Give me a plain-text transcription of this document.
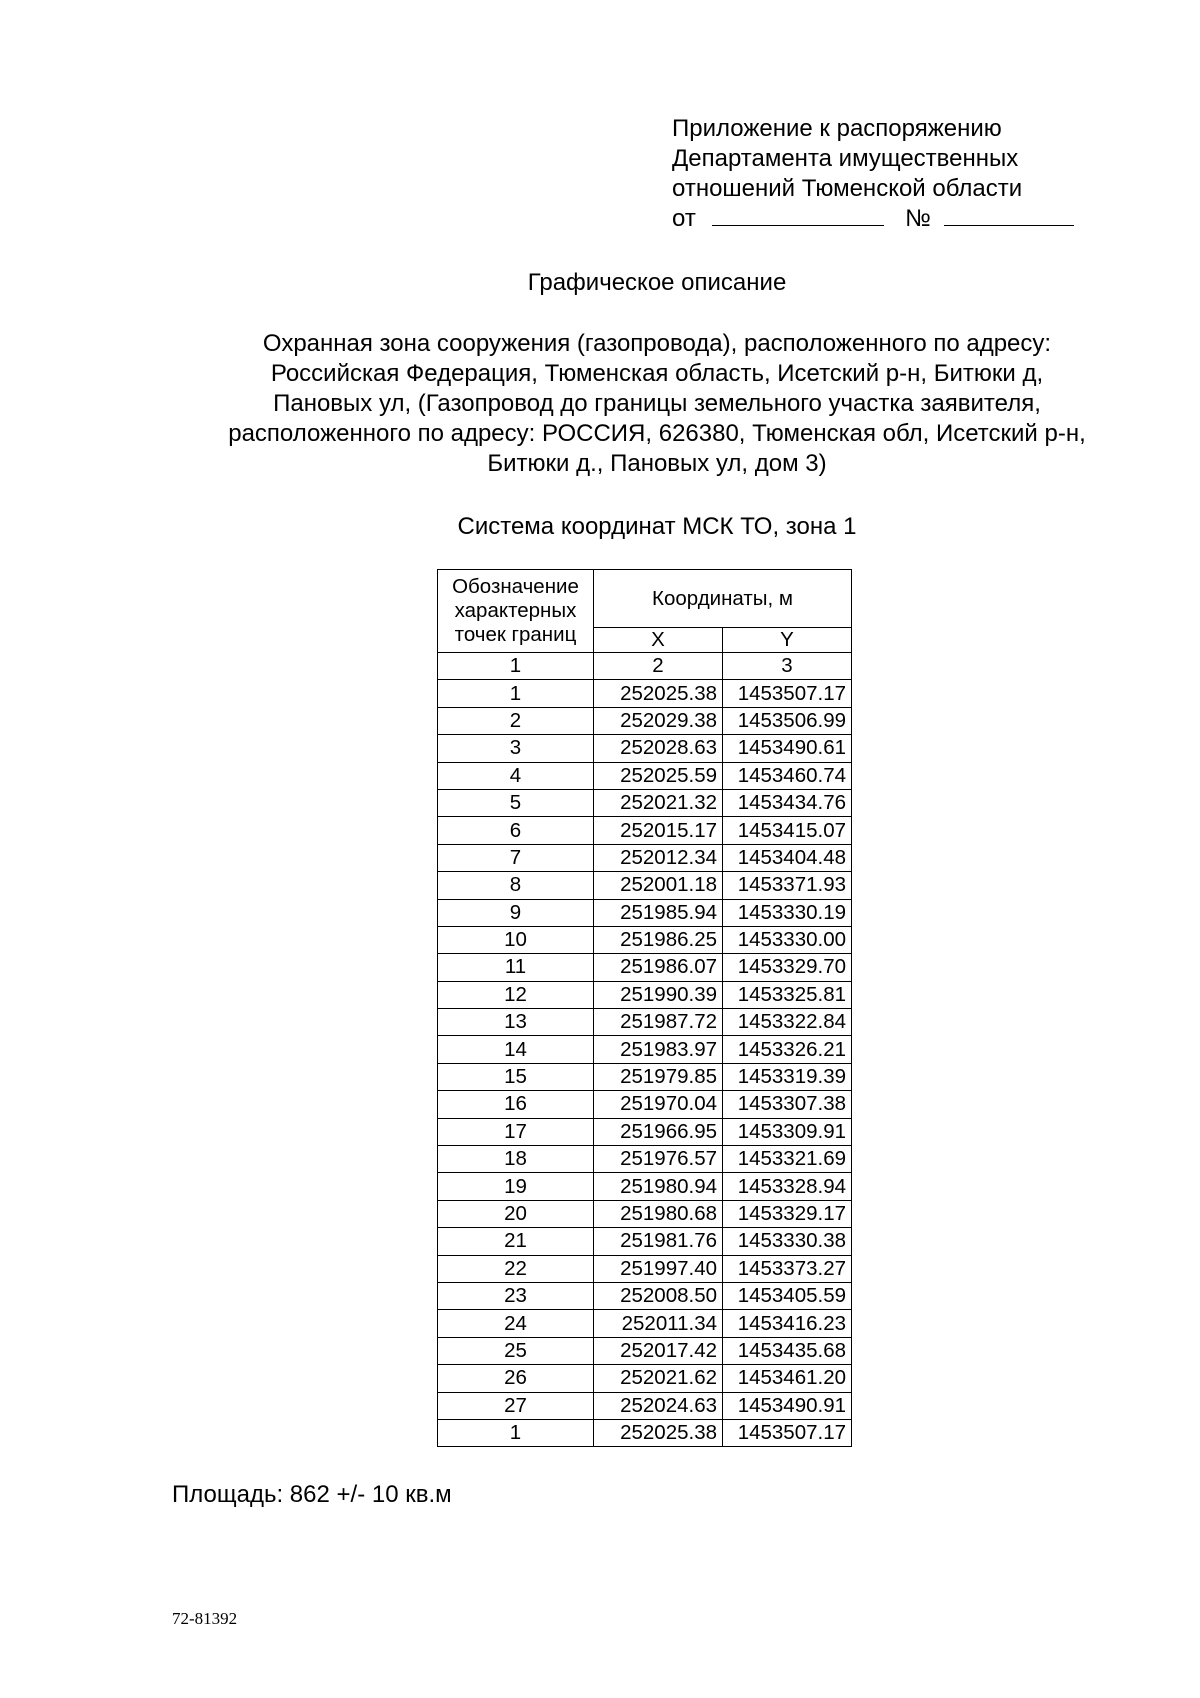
Приложение к распоряжению
Департамента имущественных
отношений Тюменской области
от	№
Графическое описание
Охранная зона сооружения (газопровода), расположенного по адресу:
Российская Федерация, Тюменская область, Исетский р-н, Битюки д,
Пановых ул, (Газопровод до границы земельного участка заявителя,
расположенного по адресу: РОССИЯ, 626380, Тюменская обл, Исетский р-н,
Битюки д., Пановых ул, дом 3)
Система координат МСК ТО, зона 1
Обозначение характерных точек границ	Координаты, м	
	X	Y
1	2	3
1	252025.38	1453507.17
2	252029.38	1453506.99
3	252028.63	1453490.61
4	252025.59	1453460.74
5	252021.32	1453434.76
6	252015.17	1453415.07
7	252012.34	1453404.48
8	252001.18	1453371.93
9	251985.94	1453330.19
10	251986.25	1453330.00
11	251986.07	1453329.70
12	251990.39	1453325.81
13	251987.72	1453322.84
14	251983.97	1453326.21
15	251979.85	1453319.39
16	251970.04	1453307.38
17	251966.95	1453309.91
18	251976.57	1453321.69
19	251980.94	1453328.94
20	251980.68	1453329.17
21	251981.76	1453330.38
22	251997.40	1453373.27
23	252008.50	1453405.59
24	252011.34	1453416.23
25	252017.42	1453435.68
26	252021.62	1453461.20
27	252024.63	1453490.91
1	252025.38	1453507.17
Площадь: 862 +/- 10 кв.м
72-81392
